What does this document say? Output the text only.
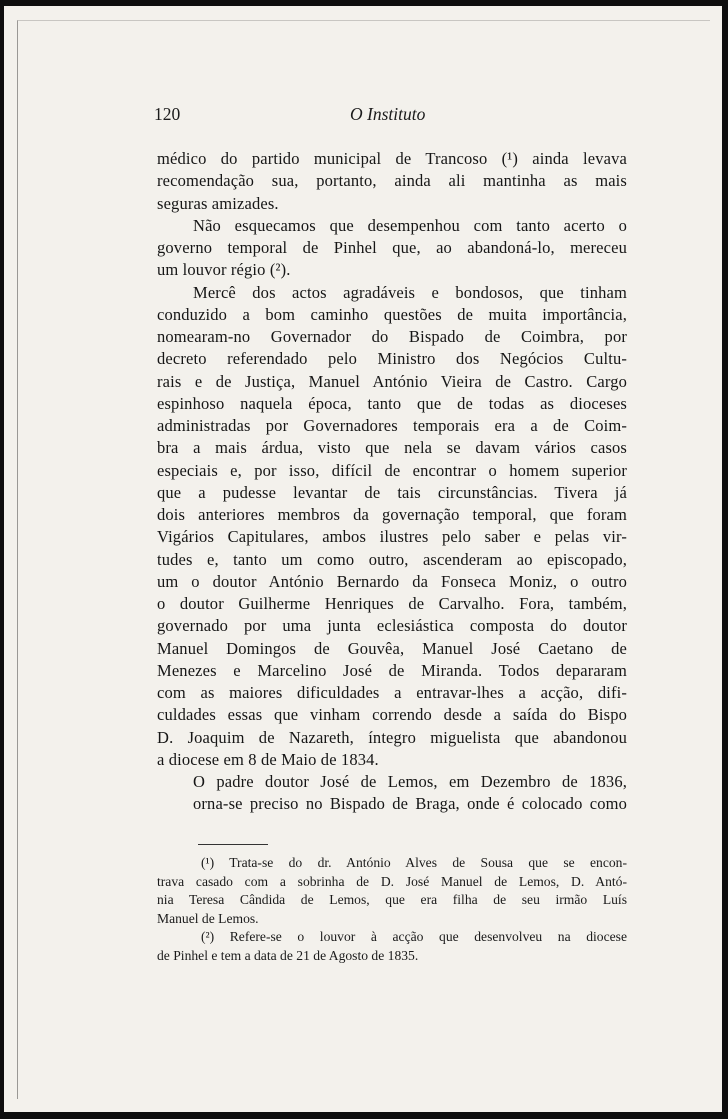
120	O Instituto
médico do partido municipal de Trancoso (¹) ainda levava
recomendação sua, portanto, ainda ali mantinha as mais
seguras amizades.
Não esquecamos que desempenhou com tanto acerto o
governo temporal de Pinhel que, ao abandoná-lo, mereceu
um louvor régio (²).
Mercê dos actos agradáveis e bondosos, que tinham
conduzido a bom caminho questões de muita importância,
nomearam-no Governador do Bispado de Coimbra, por
decreto referendado pelo Ministro dos Negócios Cultu-
rais e de Justiça, Manuel António Vieira de Castro. Cargo
espinhoso naquela época, tanto que de todas as dioceses
administradas por Governadores temporais era a de Coim-
bra a mais árdua, visto que nela se davam vários casos
especiais e, por isso, difícil de encontrar o homem superior
que a pudesse levantar de tais circunstâncias. Tivera já
dois anteriores membros da governação temporal, que foram
Vigários Capitulares, ambos ilustres pelo saber e pelas vir-
tudes e, tanto um como outro, ascenderam ao episcopado,
um o doutor António Bernardo da Fonseca Moniz, o outro
o doutor Guilherme Henriques de Carvalho. Fora, também,
governado por uma junta eclesiástica composta do doutor
Manuel Domingos de Gouvêa, Manuel José Caetano de
Menezes e Marcelino José de Miranda. Todos depararam
com as maiores dificuldades a entravar-lhes a acção, difi-
culdades essas que vinham correndo desde a saída do Bispo
D. Joaquim de Nazareth, íntegro miguelista que abandonou
a diocese em 8 de Maio de 1834.
O padre doutor José de Lemos, em Dezembro de 1836,
orna-se preciso no Bispado de Braga, onde é colocado como
(¹) Trata-se do dr. António Alves de Sousa que se encon-
trava casado com a sobrinha de D. José Manuel de Lemos, D. Antó-
nia Teresa Cândida de Lemos, que era filha de seu irmão Luís
Manuel de Lemos.
(²) Refere-se o louvor à acção que desenvolveu na diocese
de Pinhel e tem a data de 21 de Agosto de 1835.
